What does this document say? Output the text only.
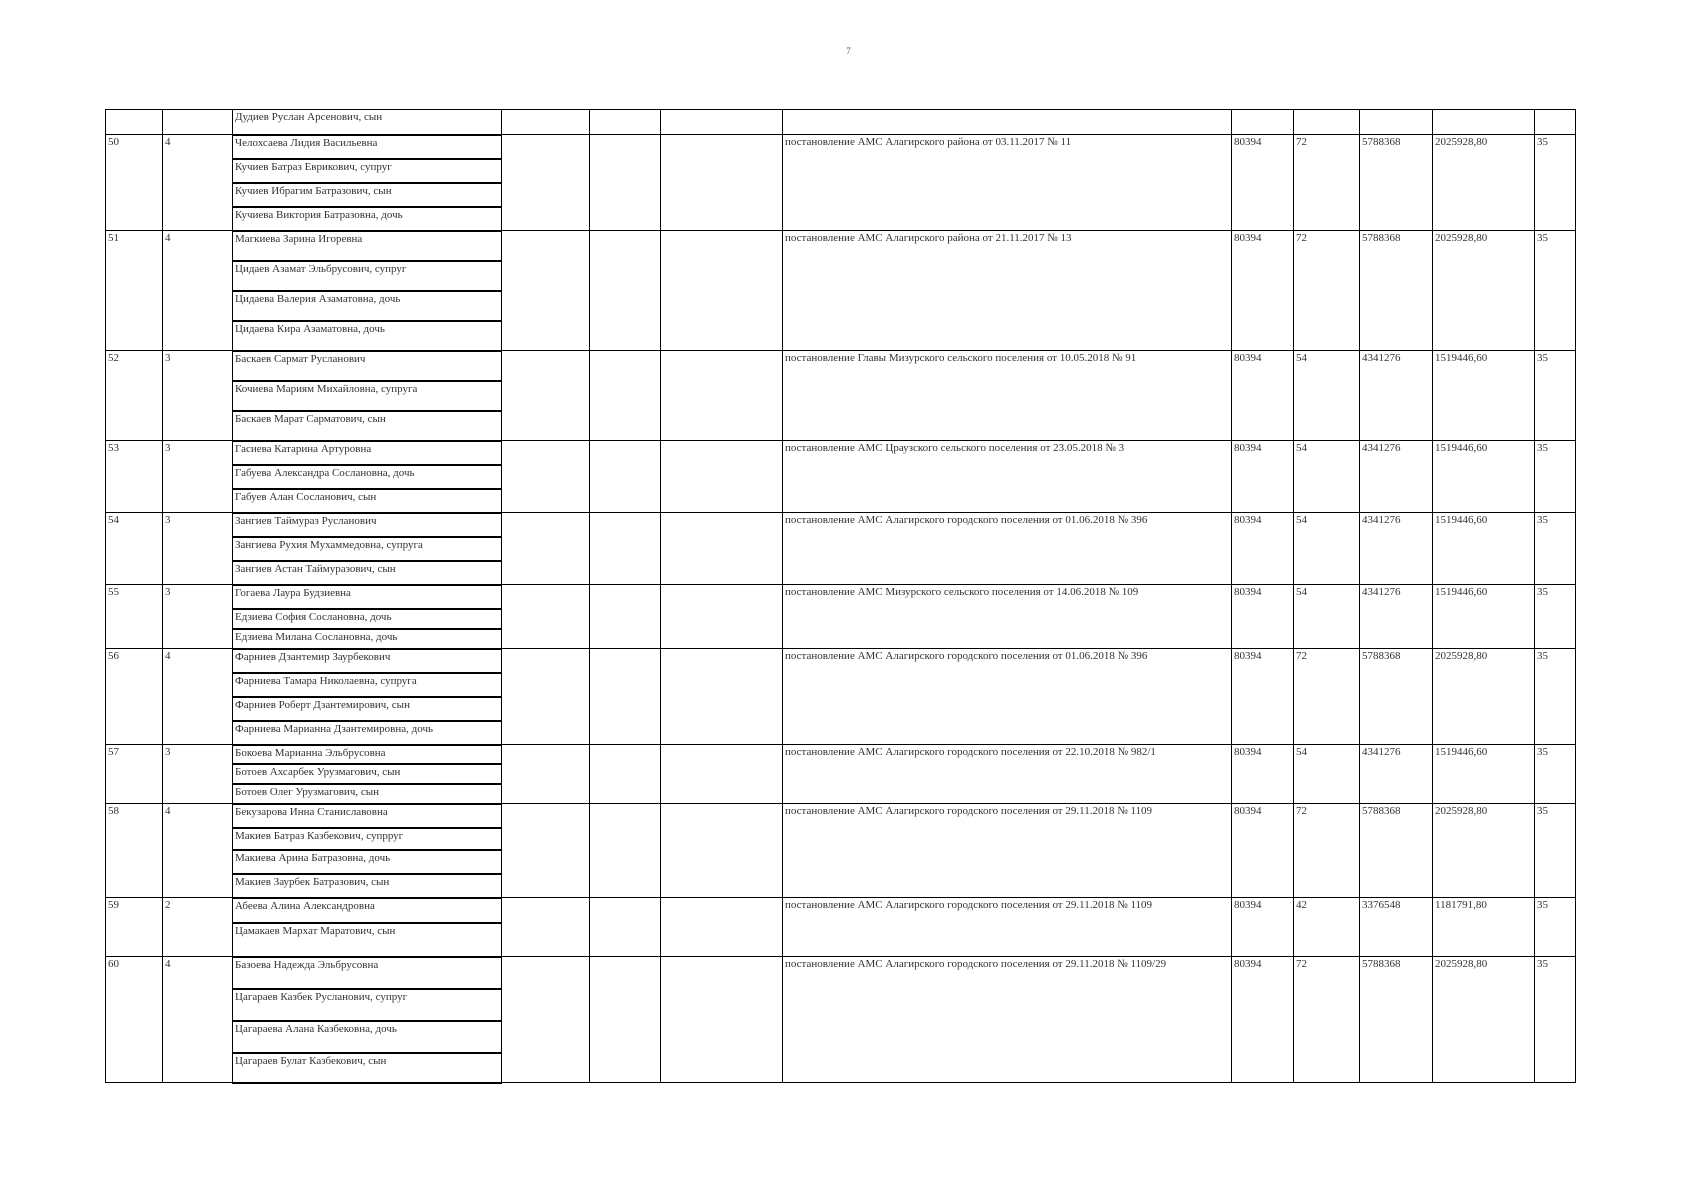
7
		Дудиев Руслан Арсенович, сын									
50	4	Челохсаева Лидия Васильевна				постановление АМС Алагирского района от 03.11.2017 № 11	80394	72	5788368	2025928,80	35
		Кучиев Батраз Еврикович, супруг									
		Кучиев Ибрагим Батразович, сын									
		Кучиева Виктория Батразовна, дочь									
51	4	Магкиева Зарина Игоревна				постановление АМС Алагирского района от 21.11.2017 № 13	80394	72	5788368	2025928,80	35
		Цидаев Азамат Эльбрусович, супруг									
		Цидаева Валерия Азаматовна, дочь									
		Цидаева Кира Азаматовна, дочь									
52	3	Баскаев Сармат Русланович				постановление Главы Мизурского сельского поселения от 10.05.2018 № 91	80394	54	4341276	1519446,60	35
		Кочиева Мариям Михайловна, супруга									
		Баскаев Марат Сарматович, сын									
53	3	Гасиева Катарина Артуровна				постановление АМС Цраузского сельского поселения от 23.05.2018 № 3	80394	54	4341276	1519446,60	35
		Габуева Александра Сослановна, дочь									
		Габуев Алан Сосланович, сын									
54	3	Зангиев Таймураз Русланович				постановление АМС Алагирского городского поселения от 01.06.2018 № 396	80394	54	4341276	1519446,60	35
		Зангиева Рухия Мухаммедовна, супруга									
		Зангиев Астан Таймуразович, сын									
55	3	Гогаева Лаура Будзиевна				постановление АМС Мизурского сельского поселения от 14.06.2018 № 109	80394	54	4341276	1519446,60	35
		Едзиева София Сослановна, дочь									
		Едзиева Милана Сослановна, дочь									
56	4	Фарниев Дзантемир Заурбекович				постановление АМС Алагирского городского поселения от 01.06.2018 № 396	80394	72	5788368	2025928,80	35
		Фарниева Тамара Николаевна, супруга									
		Фарниев Роберт Дзантемирович, сын									
		Фарниева Марианна Дзантемировна, дочь									
57	3	Бокоева Марианна Эльбрусовна				постановление АМС Алагирского городского поселения от 22.10.2018 № 982/1	80394	54	4341276	1519446,60	35
		Ботоев Ахсарбек Урузмагович, сын									
		Ботоев Олег Урузмагович, сын									
58	4	Бекузарова Инна Станиславовна				постановление АМС Алагирского городского поселения от 29.11.2018 № 1109	80394	72	5788368	2025928,80	35
		Макиев Батраз Казбекович, супрруг									
		Макиева Арина Батразовна, дочь									
		Макиев Заурбек Батразович, сын									
59	2	Абеева Алина Александровна				постановление АМС Алагирского городского поселения от 29.11.2018 № 1109	80394	42	3376548	1181791,80	35
		Цамакаев Мархат Маратович, сын									
60	4	Базоева Надежда Эльбрусовна				постановление АМС Алагирского городского поселения от 29.11.2018 № 1109/29	80394	72	5788368	2025928,80	35
		Цагараев Казбек Русланович, супруг									
		Цагараева Алана Казбековна, дочь									
		Цагараев Булат Казбекович, сын									
